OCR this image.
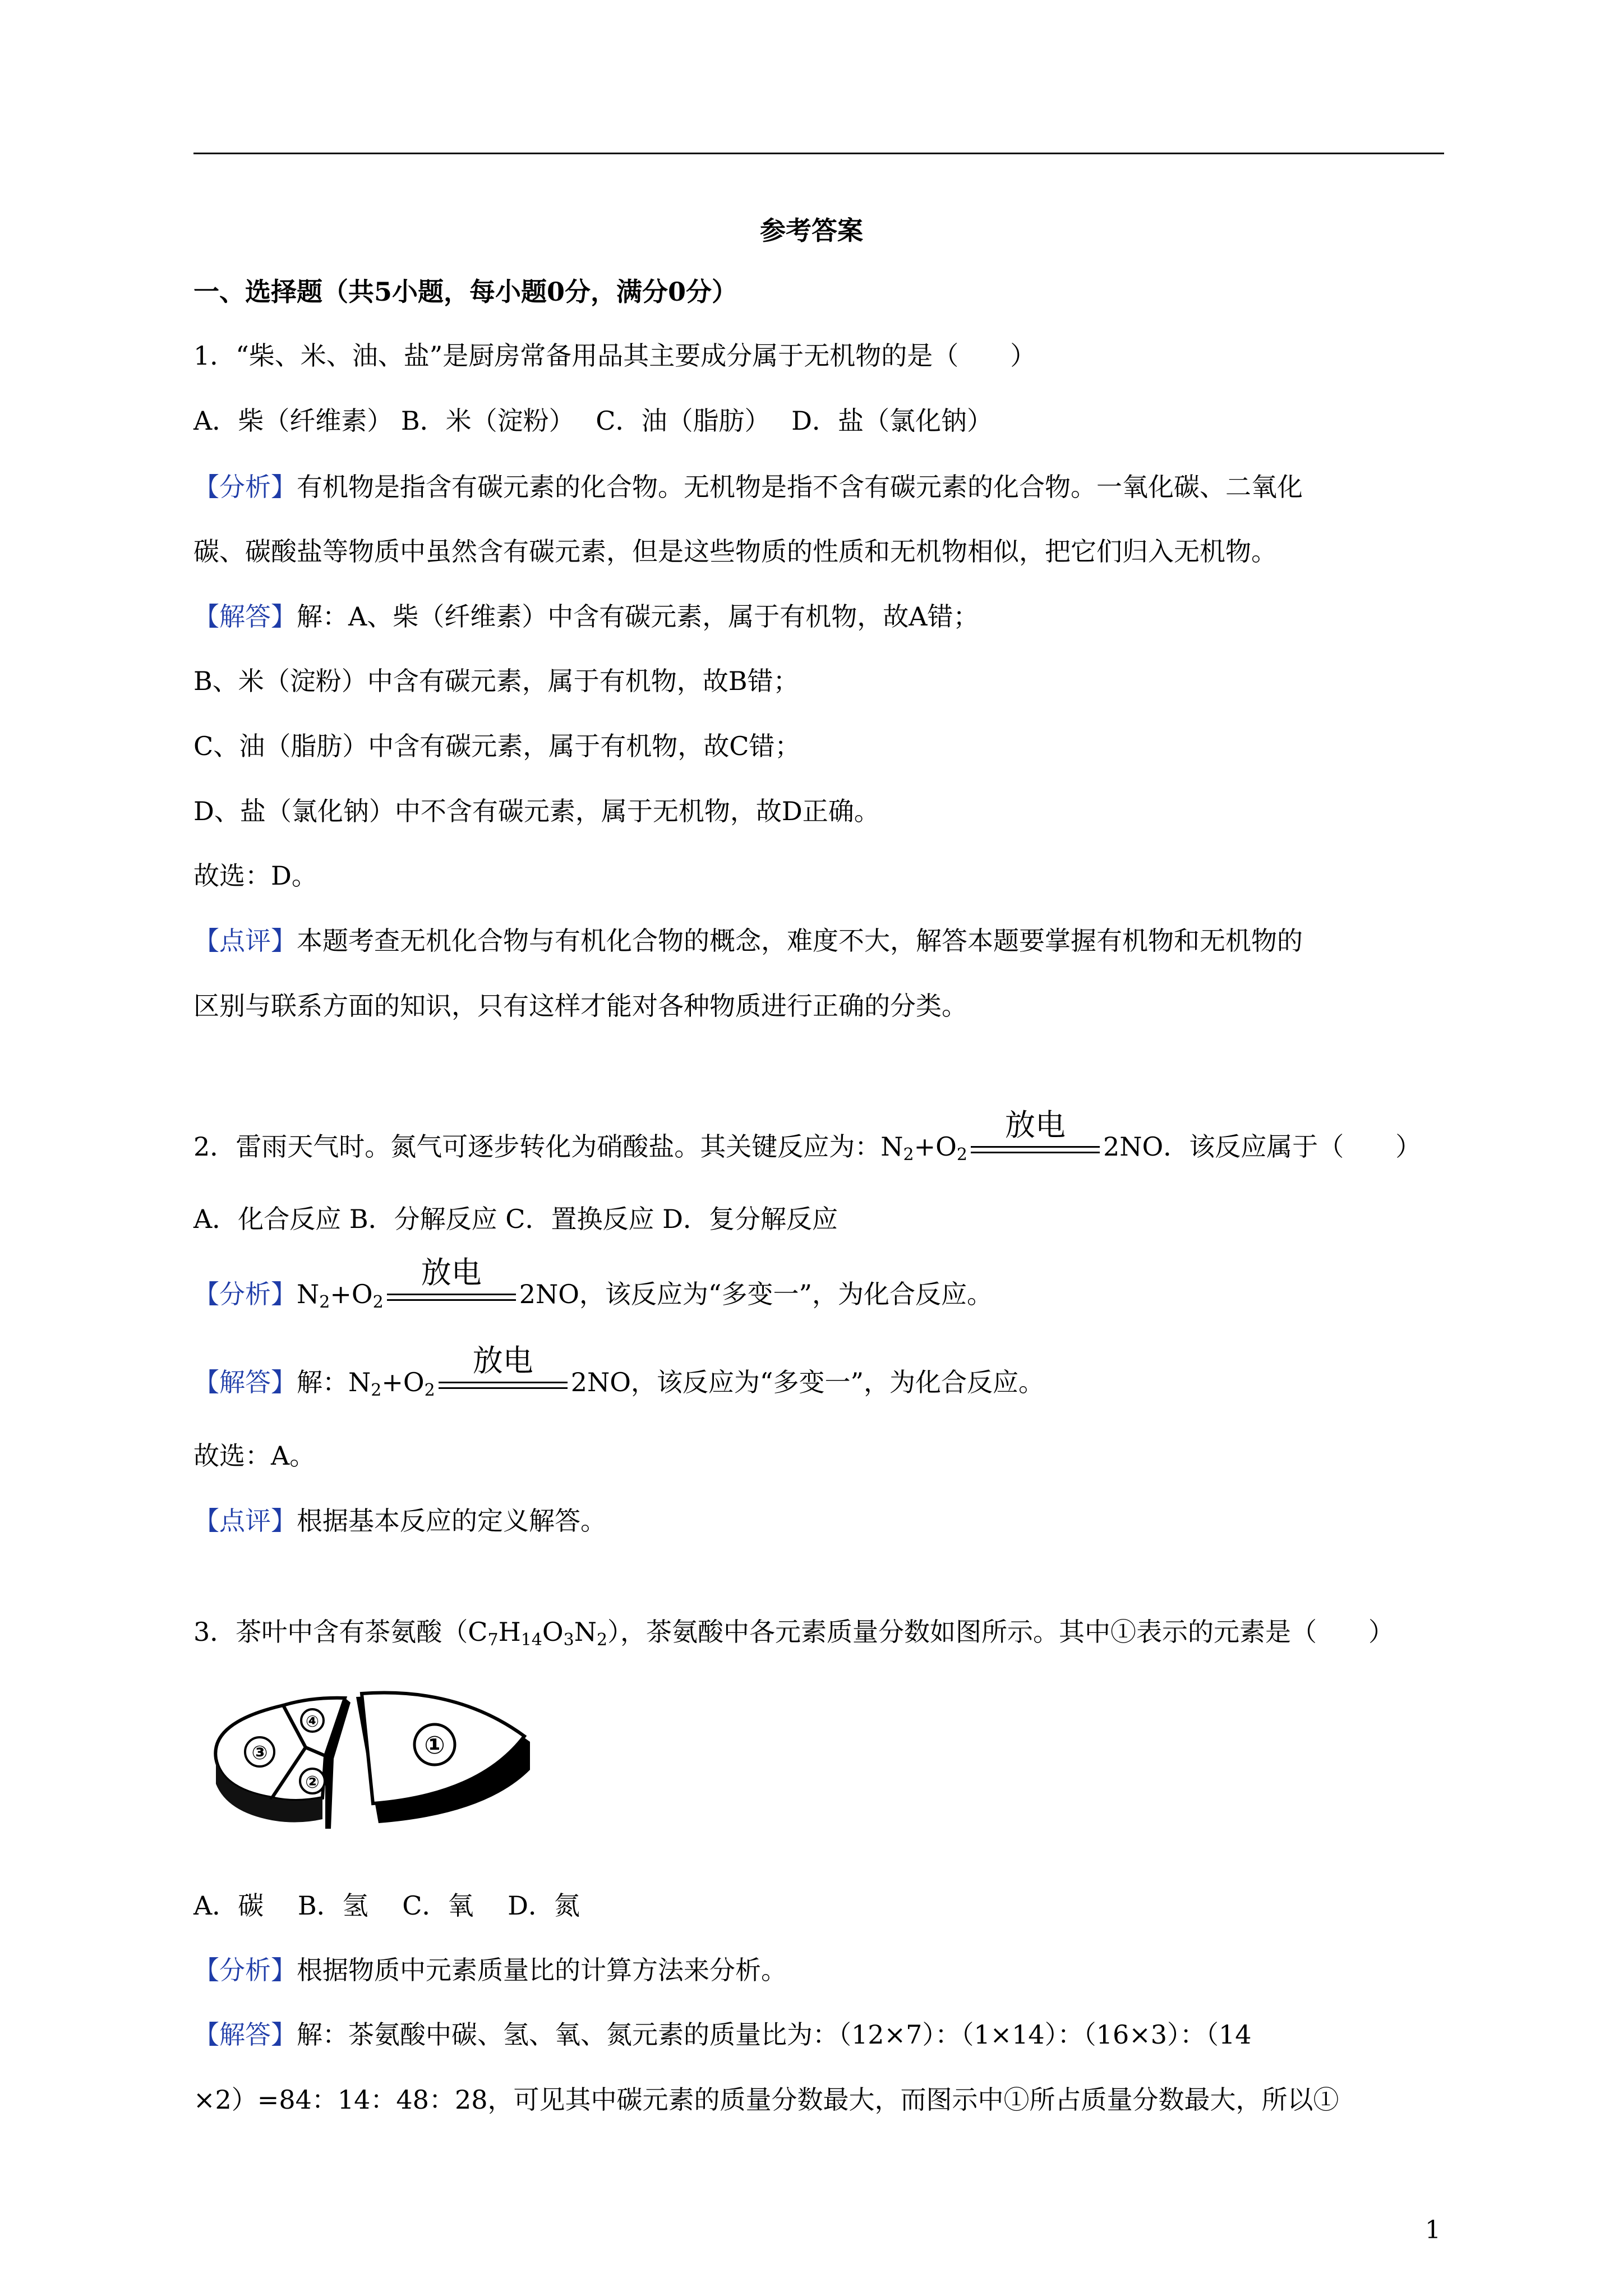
参考答案
一、选择题（共5小题，每小题0分，满分0分）
1．“柴、米、油、盐”是厨房常备用品其主要成分属于无机物的是（　　）
A．柴（纤维素） B．米（淀粉）　 C．油（脂肪）　 D．盐（氯化钠）
【分析】有机物是指含有碳元素的化合物。无机物是指不含有碳元素的化合物。一氧化碳、二氧化
碳、碳酸盐等物质中虽然含有碳元素，但是这些物质的性质和无机物相似，把它们归入无机物。
【解答】解：A、柴（纤维素）中含有碳元素，属于有机物，故A错；
B、米（淀粉）中含有碳元素，属于有机物，故B错；
C、油（脂肪）中含有碳元素，属于有机物，故C错；
D、盐（氯化钠）中不含有碳元素，属于无机物，故D正确。
故选：D。
【点评】本题考查无机化合物与有机化合物的概念，难度不大，解答本题要掌握有机物和无机物的
区别与联系方面的知识，只有这样才能对各种物质进行正确的分类。
2．雷雨天气时。氮气可逐步转化为硝酸盐。其关键反应为：$N_2+O_2$
放电
2NO．该反应属于（　　）
A．化合反应 B．分解反应 C．置换反应 D．复分解反应
【分析】$N_2+O_2$
放电
2NO，该反应为“多变一”，为化合反应。
【解答】解：$N_2+O_2$
放电
2NO，该反应为“多变一”，为化合反应。
故选：A。
【点评】根据基本反应的定义解答。
3．茶叶中含有茶氨酸$(C_7H_{14}O_3N_2)$，茶氨酸中各元素质量分数如图所示。其中①表示的元素是（　　）
①
②
③
④
A．碳　 B．氢　 C．氧　 D．氮
【分析】根据物质中元素质量比的计算方法来分析。
【解答】解：茶氨酸中碳、氢、氧、氮元素的质量比为：（12×7）：（1×14）：（16×3）：（14
×2）=84：14：48：28，可见其中碳元素的质量分数最大，而图示中①所占质量分数最大，所以①
1
